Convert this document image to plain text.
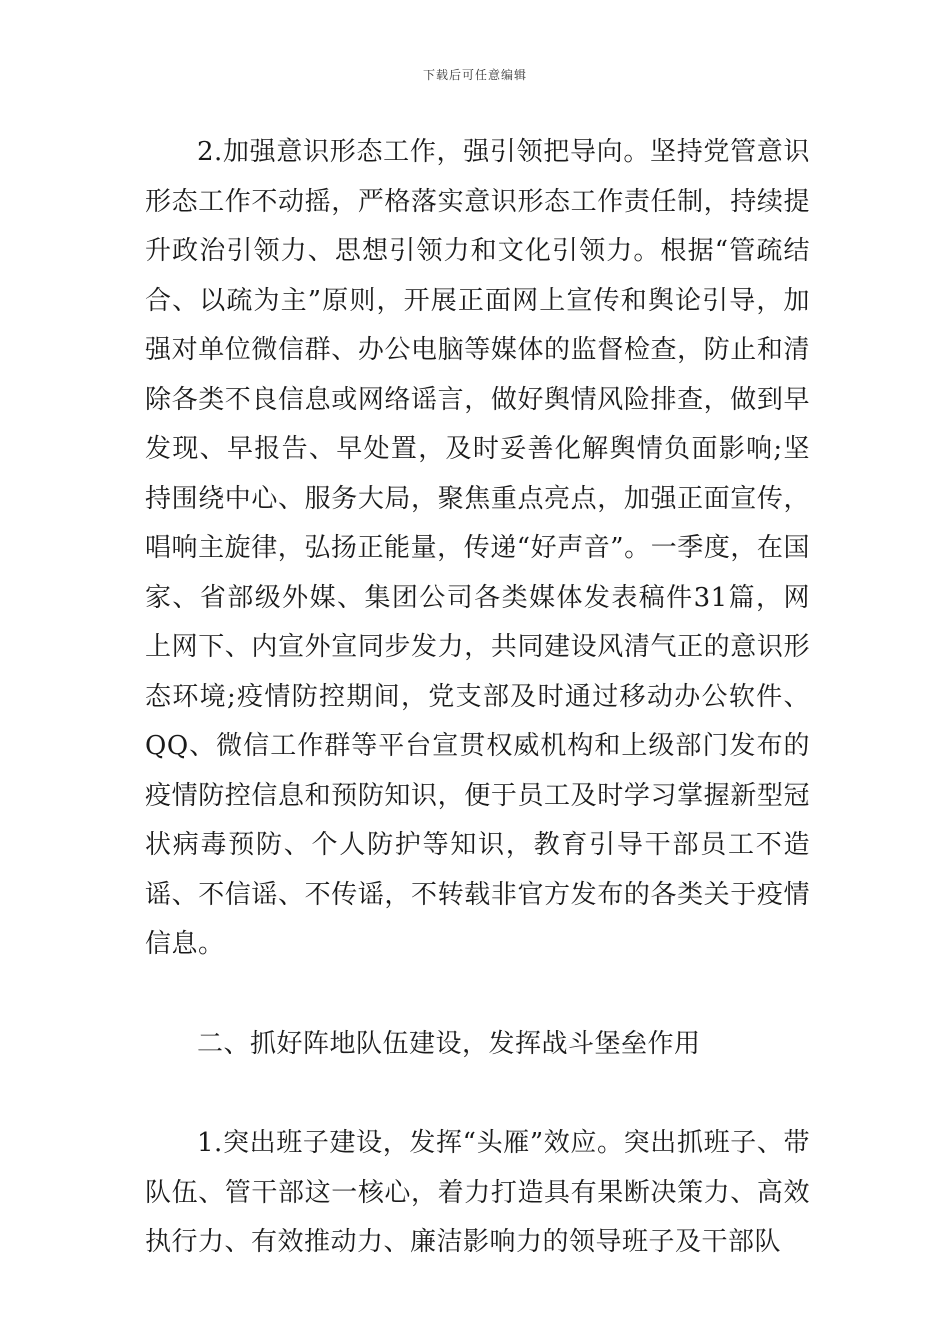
下载后可任意编辑

2.加强意识形态工作，强引领把导向。坚持党管意识形态工作不动摇，严格落实意识形态工作责任制，持续提升政治引领力、思想引领力和文化引领力。根据“管疏结合、以疏为主”原则，开展正面网上宣传和舆论引导，加强对单位微信群、办公电脑等媒体的监督检查，防止和清除各类不良信息或网络谣言，做好舆情风险排查，做到早发现、早报告、早处置，及时妥善化解舆情负面影响;坚持围绕中心、服务大局，聚焦重点亮点，加强正面宣传，唱响主旋律，弘扬正能量，传递“好声音”。一季度，在国家、省部级外媒、集团公司各类媒体发表稿件31篇，网上网下、内宣外宣同步发力，共同建设风清气正的意识形态环境;疫情防控期间，党支部及时通过移动办公软件、QQ、微信工作群等平台宣贯权威机构和上级部门发布的疫情防控信息和预防知识，便于员工及时学习掌握新型冠状病毒预防、个人防护等知识，教育引导干部员工不造谣、不信谣、不传谣，不转载非官方发布的各类关于疫情信息。

二、抓好阵地队伍建设，发挥战斗堡垒作用

1.突出班子建设，发挥“头雁”效应。突出抓班子、带队伍、管干部这一核心，着力打造具有果断决策力、高效执行力、有效推动力、廉洁影响力的领导班子及干部队
